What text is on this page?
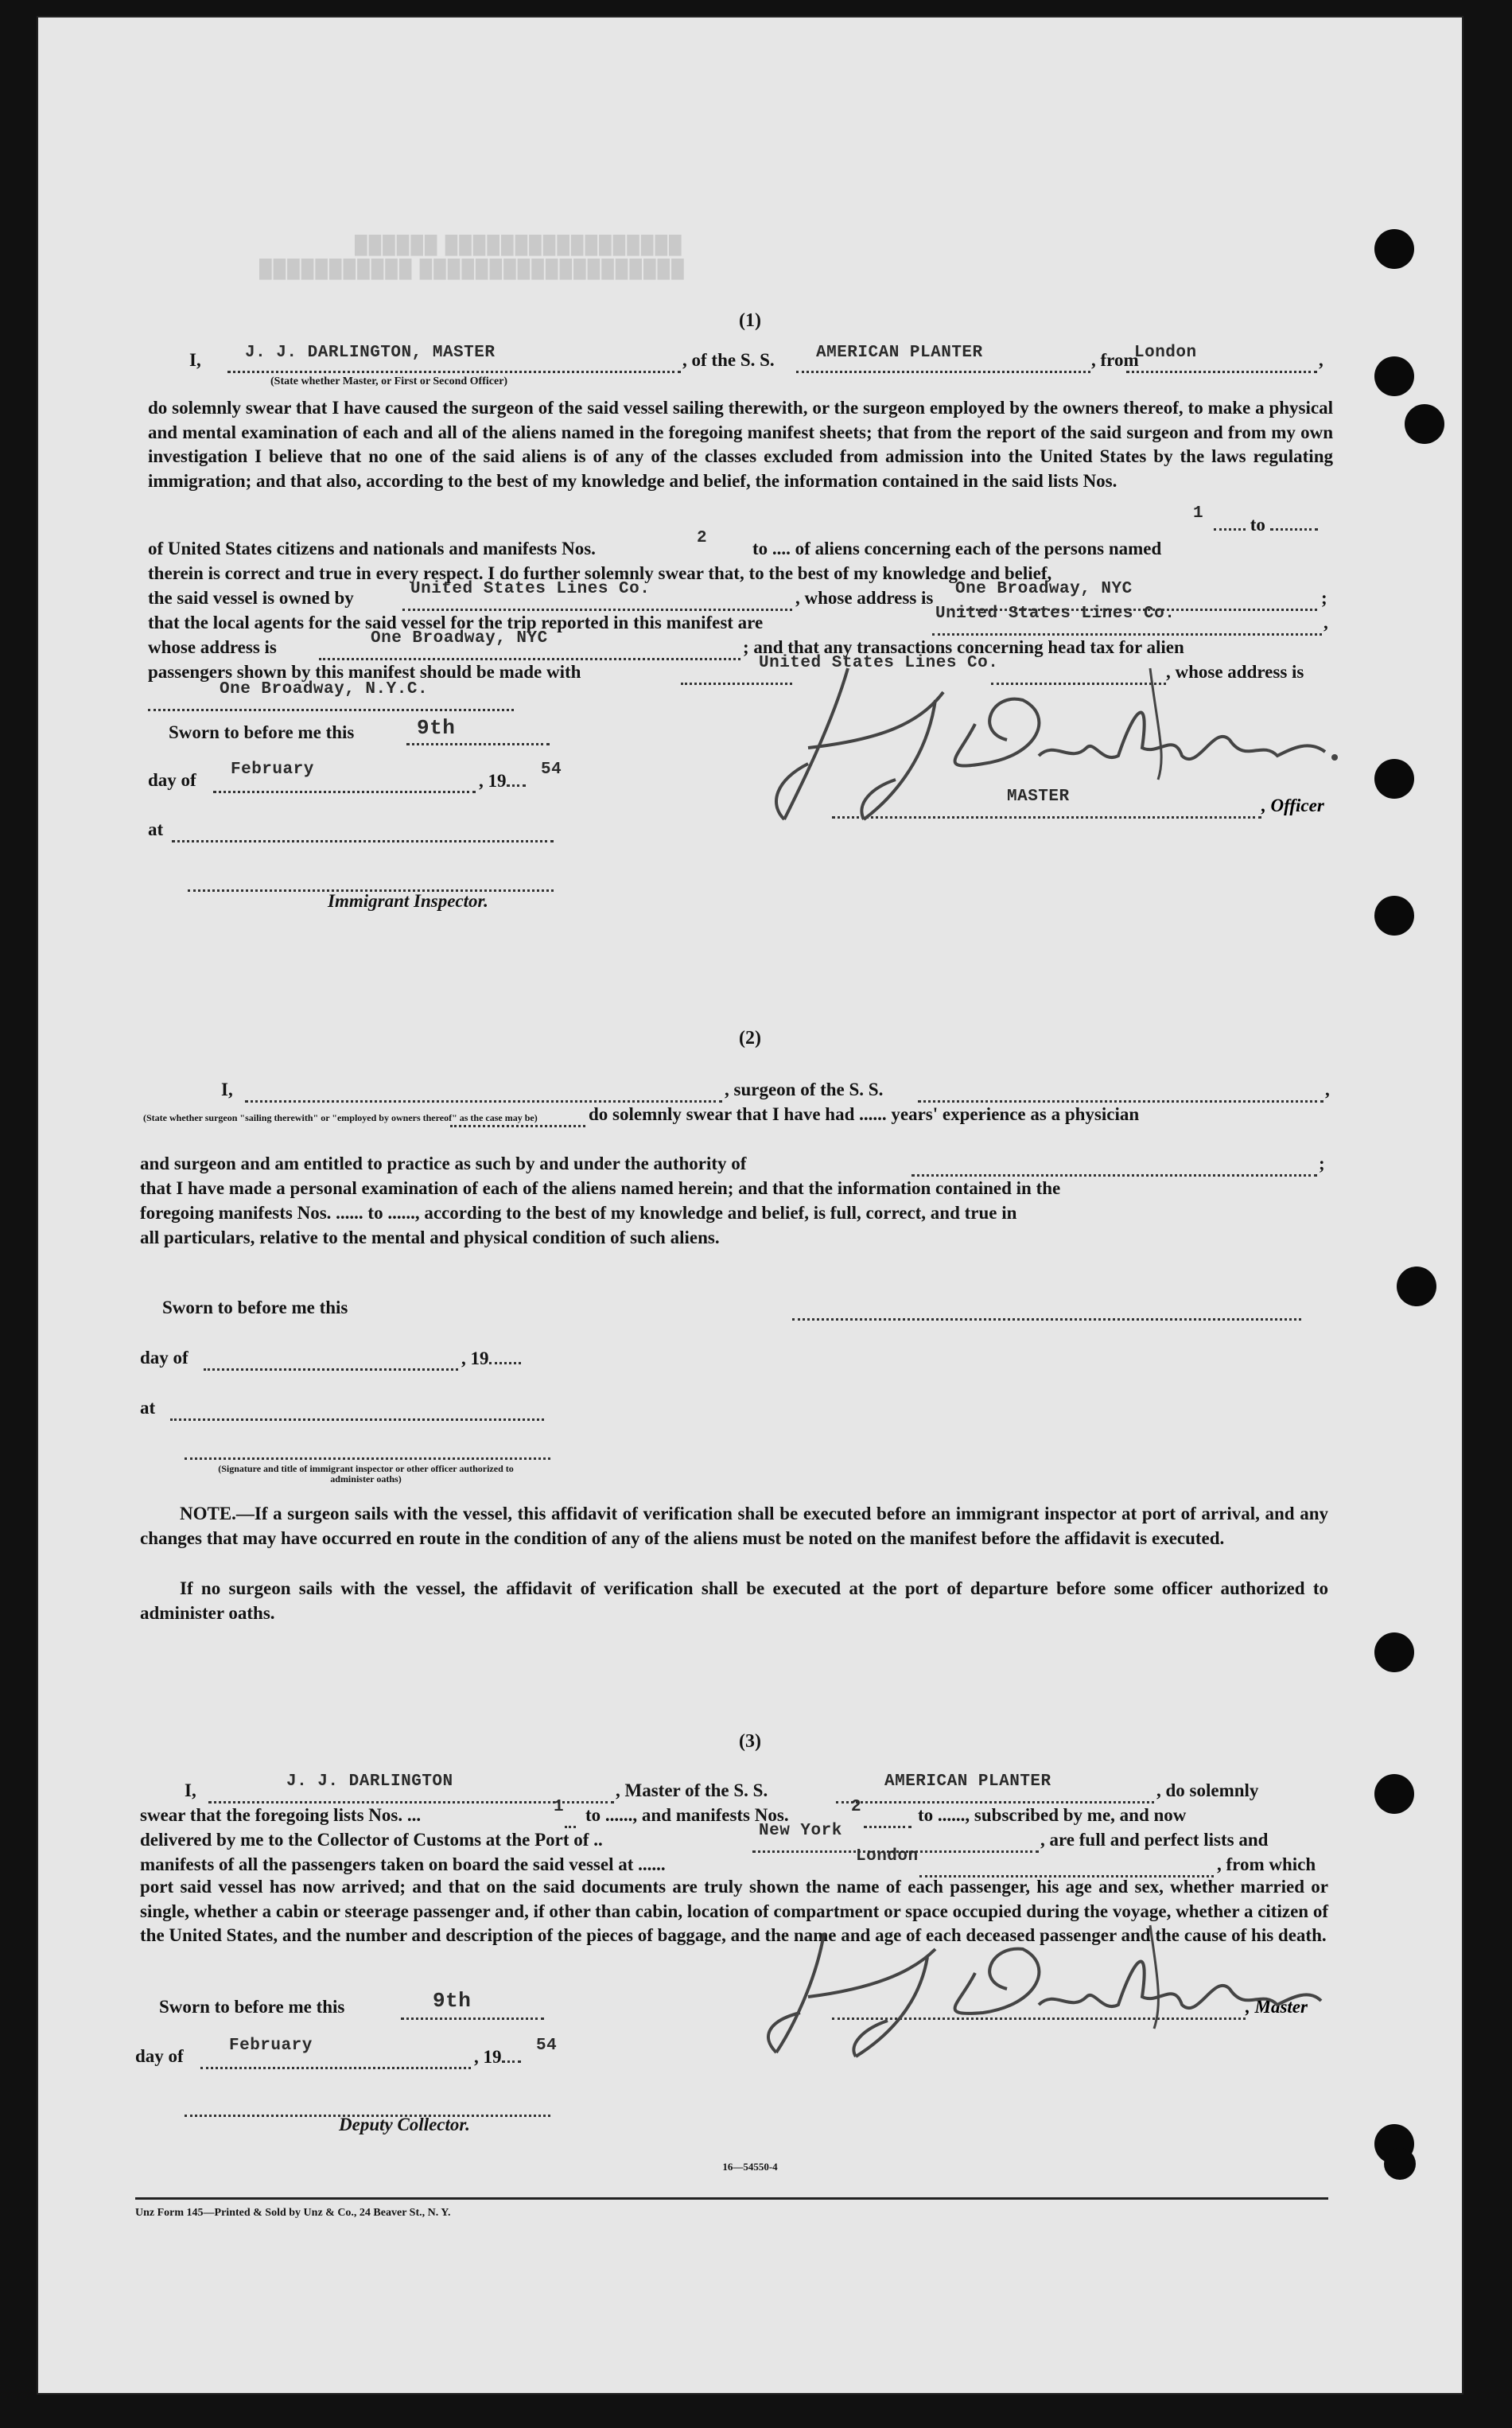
██████ █████████████████
███████████ ███████████████████
(1)
I,	J. J. DARLINGTON, MASTER	, of the S. S. AMERICAN PLANTER	, from
London	,
(State whether Master, or First or Second Officer)
do solemnly swear that I have caused the surgeon of the said vessel sailing therewith, or the surgeon employed by the owners thereof, to make a physical and mental examination of each and all of the aliens named in the foregoing manifest sheets; that from the report of the said surgeon and from my own investigation I believe that no one of the said aliens is of any of the classes excluded from admission into the United States by the laws regulating immigration; and that also, according to the best of my knowledge and belief, the information contained in the said lists Nos.
1
to
of United States citizens and nationals and manifests Nos.
2
to .... of aliens concerning each of the persons named
therein is correct and true in every respect. I do further solemnly swear that, to the best of my knowledge and belief,
the said vessel is owned by	United States Lines Co.	, whose address is One Broadway, NYC	;
that the local agents for the said vessel for the trip reported in this manifest are	United States Lines Co.	,
whose address is	One Broadway, NYC	; and that any transactions concerning head tax for alien
passengers shown by this manifest should be made with	United States Lines Co.	, whose address is
One Broadway, N.Y.C.
Sworn to before me this	9th
day of
February
, 19
54
at
Immigrant Inspector.
MASTER	, Officer
(2)
I,	, surgeon of the S. S.	,
(State whether surgeon "sailing therewith" or "employed by owners thereof" as the case may be)	do solemnly swear that I have had ...... years' experience as a physician
and surgeon and am entitled to practice as such by and under the authority of	;
that I have made a personal examination of each of the aliens named herein; and that the information contained in the
foregoing manifests Nos. ...... to ......, according to the best of my knowledge and belief, is full, correct, and true in
all particulars, relative to the mental and physical condition of such aliens.
Sworn to before me this
day of	, 19
at
(Signature and title of immigrant inspector or other officer authorized to administer oaths)
NOTE.—If a surgeon sails with the vessel, this affidavit of verification shall be executed before an immigrant inspector at port of arrival, and any changes that may have occurred en route in the condition of any of the aliens must be noted on the manifest before the affidavit is executed.
If no surgeon sails with the vessel, the affidavit of verification shall be executed at the port of departure before some officer authorized to administer oaths.
(3)
I,	J. J. DARLINGTON	, Master of the S. S.	AMERICAN PLANTER	, do solemnly
swear that the foregoing lists Nos. ...	1 to ......, and manifests Nos.	2	to ......, subscribed by me, and now
delivered by me to the Collector of Customs at the Port of ..	New York	, are full and perfect lists and
manifests of all the passengers taken on board the said vessel at ......	London	, from which
port said vessel has now arrived; and that on the said documents are truly shown the name of each passenger, his age and sex, whether married or single, whether a cabin or steerage passenger and, if other than cabin, location of compartment or space occupied during the voyage, whether a citizen of the United States, and the number and description of the pieces of baggage, and the name and age of each deceased passenger and the cause of his death.
Sworn to before me this	9th	, Master
day of
February
, 19
54
Deputy Collector.
16—54550-4
Unz Form 145—Printed & Sold by Unz & Co., 24 Beaver St., N. Y.
